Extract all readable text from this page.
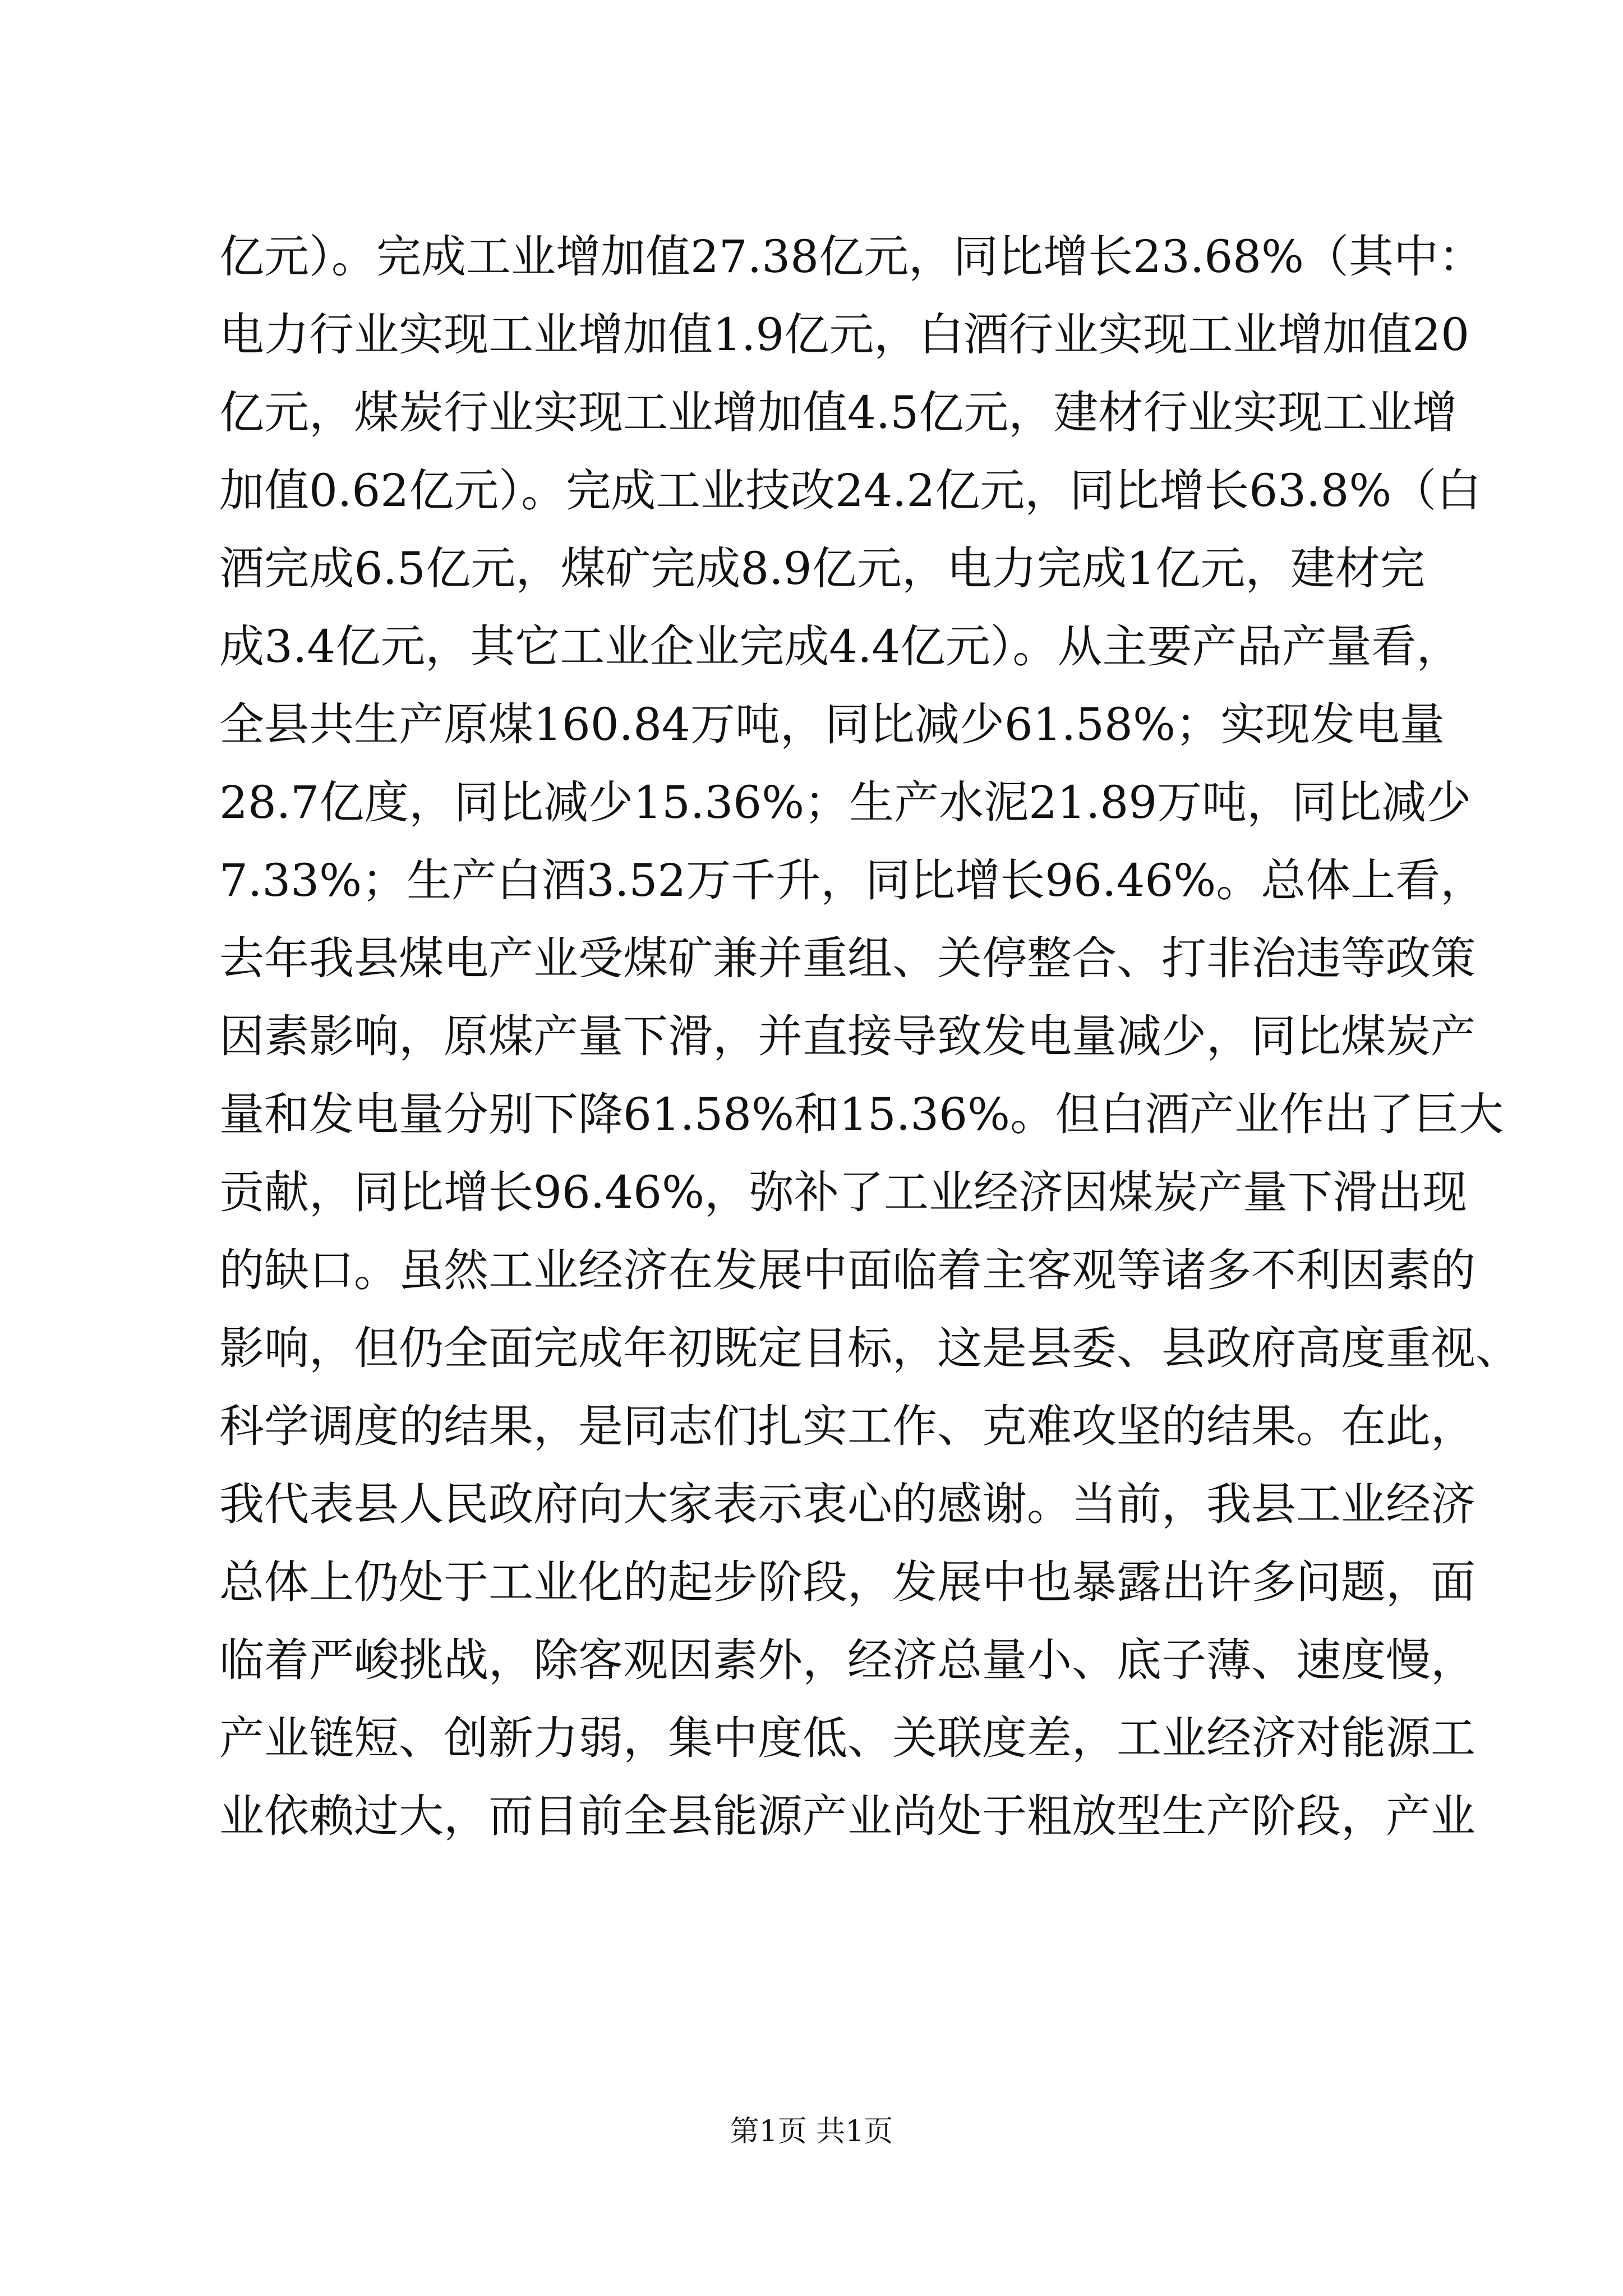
亿元）。完成工业增加值27.38亿元，同比增长23.68%（其中：
电力行业实现工业增加值1.9亿元，白酒行业实现工业增加值20
亿元，煤炭行业实现工业增加值4.5亿元，建材行业实现工业增
加值0.62亿元）。完成工业技改24.2亿元，同比增长63.8%（白
酒完成6.5亿元，煤矿完成8.9亿元，电力完成1亿元，建材完
成3.4亿元，其它工业企业完成4.4亿元）。从主要产品产量看，
全县共生产原煤160.84万吨，同比减少61.58%；实现发电量
28.7亿度，同比减少15.36%；生产水泥21.89万吨，同比减少
7.33%；生产白酒3.52万千升，同比增长96.46%。总体上看，
去年我县煤电产业受煤矿兼并重组、关停整合、打非治违等政策
因素影响，原煤产量下滑，并直接导致发电量减少，同比煤炭产
量和发电量分别下降61.58%和15.36%。但白酒产业作出了巨大
贡献，同比增长96.46%，弥补了工业经济因煤炭产量下滑出现
的缺口。虽然工业经济在发展中面临着主客观等诸多不利因素的
影响，但仍全面完成年初既定目标，这是县委、县政府高度重视、
科学调度的结果，是同志们扎实工作、克难攻坚的结果。在此，
我代表县人民政府向大家表示衷心的感谢。当前，我县工业经济
总体上仍处于工业化的起步阶段，发展中也暴露出许多问题，面
临着严峻挑战，除客观因素外，经济总量小、底子薄、速度慢，
产业链短、创新力弱，集中度低、关联度差，工业经济对能源工
业依赖过大，而目前全县能源产业尚处于粗放型生产阶段，产业
第1页 共1页
